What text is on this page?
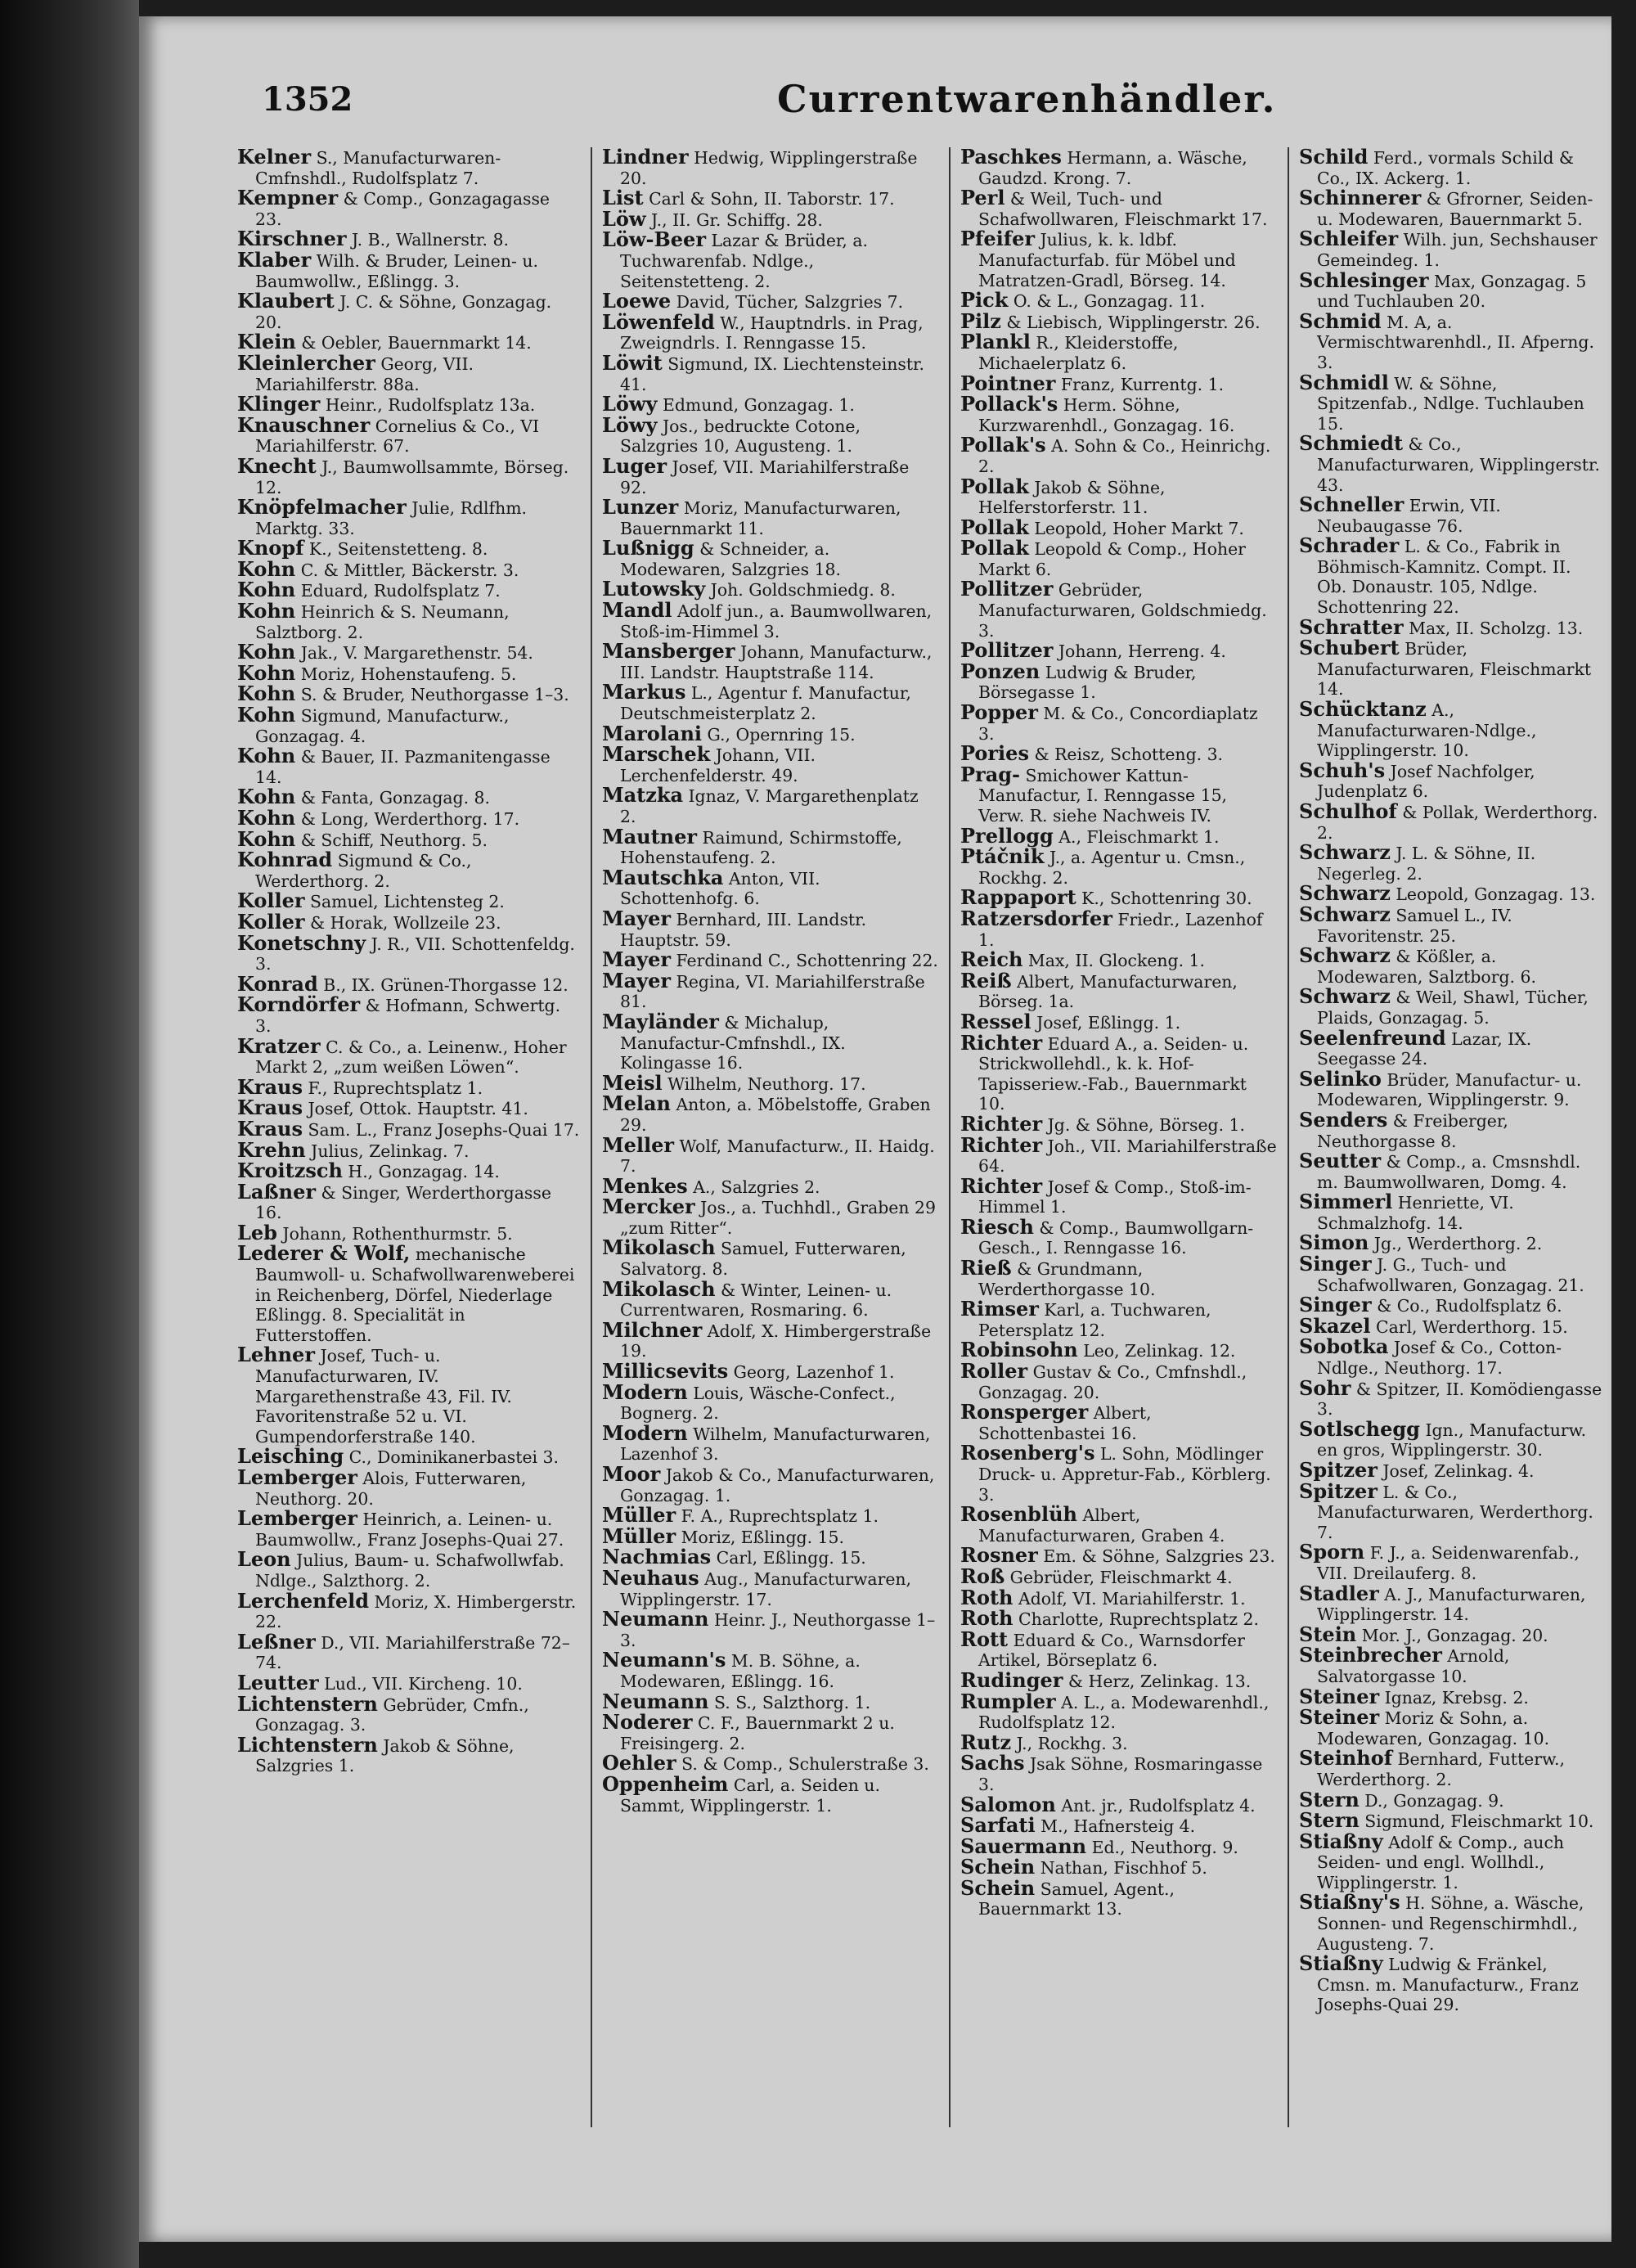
1352	Currentwarenhändler.

Kelner S., Manufacturwaren-Cmfnshdl., Rudolfsplatz 7.

Kempner & Comp., Gonzagagasse 23.

Kirschner J. B., Wallnerstr. 8.

Klaber Wilh. & Bruder, Leinen- u. Baumwollw., Eßlingg. 3.

Klaubert J. C. & Söhne, Gonzagag. 20.

Klein & Oebler, Bauernmarkt 14.

Kleinlercher Georg, VII. Mariahilferstr. 88a.

Klinger Heinr., Rudolfsplatz 13a.

Knauschner Cornelius & Co., VI Mariahilferstr. 67.

Knecht J., Baumwollsammte, Börseg. 12.

Knöpfelmacher Julie, Rdlfhm. Marktg. 33.

Knopf K., Seitenstetteng. 8.

Kohn C. & Mittler, Bäckerstr. 3.

Kohn Eduard, Rudolfsplatz 7.

Kohn Heinrich & S. Neumann, Salztborg. 2.

Kohn Jak., V. Margarethenstr. 54.

Kohn Moriz, Hohenstaufeng. 5.

Kohn S. & Bruder, Neuthorgasse 1–3.

Kohn Sigmund, Manufacturw., Gonzagag. 4.

Kohn & Bauer, II. Pazmanitengasse 14.

Kohn & Fanta, Gonzagag. 8.

Kohn & Long, Werderthorg. 17.

Kohn & Schiff, Neuthorg. 5.

Kohnrad Sigmund & Co., Werderthorg. 2.

Koller Samuel, Lichtensteg 2.

Koller & Horak, Wollzeile 23.

Konetschny J. R., VII. Schottenfeldg. 3.

Konrad B., IX. Grünen-Thorgasse 12.

Korndörfer & Hofmann, Schwertg. 3.

Kratzer C. & Co., a. Leinenw., Hoher Markt 2, „zum weißen Löwen“.

Kraus F., Ruprechtsplatz 1.

Kraus Josef, Ottok. Hauptstr. 41.

Kraus Sam. L., Franz Josephs-Quai 17.

Krehn Julius, Zelinkag. 7.

Kroitzsch H., Gonzagag. 14.

Laßner & Singer, Werderthorgasse 16.

Leb Johann, Rothenthurmstr. 5.

Lederer & Wolf, mechanische Baumwoll- u. Schafwollwarenweberei in Reichenberg, Dörfel, Niederlage Eßlingg. 8. Specialität in Futterstoffen.

Lehner Josef, Tuch- u. Manufacturwaren, IV. Margarethenstraße 43, Fil. IV. Favoritenstraße 52 u. VI. Gumpendorferstraße 140.

Leisching C., Dominikanerbastei 3.

Lemberger Alois, Futterwaren, Neuthorg. 20.

Lemberger Heinrich, a. Leinen- u. Baumwollw., Franz Josephs-Quai 27.

Leon Julius, Baum- u. Schafwollwfab. Ndlge., Salzthorg. 2.

Lerchenfeld Moriz, X. Himbergerstr. 22.

Leßner D., VII. Mariahilferstraße 72–74.

Leutter Lud., VII. Kircheng. 10.

Lichtenstern Gebrüder, Cmfn., Gonzagag. 3.

Lichtenstern Jakob & Söhne, Salzgries 1.

Lindner Hedwig, Wipplingerstraße 20.

List Carl & Sohn, II. Taborstr. 17.

Löw J., II. Gr. Schiffg. 28.

Löw-Beer Lazar & Brüder, a. Tuchwarenfab. Ndlge., Seitenstetteng. 2.

Loewe David, Tücher, Salzgries 7.

Löwenfeld W., Hauptndrls. in Prag, Zweigndrls. I. Renngasse 15.

Löwit Sigmund, IX. Liechtensteinstr. 41.

Löwy Edmund, Gonzagag. 1.

Löwy Jos., bedruckte Cotone, Salzgries 10, Augusteng. 1.

Luger Josef, VII. Mariahilferstraße 92.

Lunzer Moriz, Manufacturwaren, Bauernmarkt 11.

Lußnigg & Schneider, a. Modewaren, Salzgries 18.

Lutowsky Joh. Goldschmiedg. 8.

Mandl Adolf jun., a. Baumwollwaren, Stoß-im-Himmel 3.

Mansberger Johann, Manufacturw., III. Landstr. Hauptstraße 114.

Markus L., Agentur f. Manufactur, Deutschmeisterplatz 2.

Marolani G., Opernring 15.

Marschek Johann, VII. Lerchenfelderstr. 49.

Matzka Ignaz, V. Margarethenplatz 2.

Mautner Raimund, Schirmstoffe, Hohenstaufeng. 2.

Mautschka Anton, VII. Schottenhofg. 6.

Mayer Bernhard, III. Landstr. Hauptstr. 59.

Mayer Ferdinand C., Schottenring 22.

Mayer Regina, VI. Mariahilferstraße 81.

Mayländer & Michalup, Manufactur-Cmfnshdl., IX. Kolingasse 16.

Meisl Wilhelm, Neuthorg. 17.

Melan Anton, a. Möbelstoffe, Graben 29.

Meller Wolf, Manufacturw., II. Haidg. 7.

Menkes A., Salzgries 2.

Mercker Jos., a. Tuchhdl., Graben 29 „zum Ritter“.

Mikolasch Samuel, Futterwaren, Salvatorg. 8.

Mikolasch & Winter, Leinen- u. Currentwaren, Rosmaring. 6.

Milchner Adolf, X. Himbergerstraße 19.

Millicsevits Georg, Lazenhof 1.

Modern Louis, Wäsche-Confect., Bognerg. 2.

Modern Wilhelm, Manufacturwaren, Lazenhof 3.

Moor Jakob & Co., Manufacturwaren, Gonzagag. 1.

Müller F. A., Ruprechtsplatz 1.

Müller Moriz, Eßlingg. 15.

Nachmias Carl, Eßlingg. 15.

Neuhaus Aug., Manufacturwaren, Wipplingerstr. 17.

Neumann Heinr. J., Neuthorgasse 1–3.

Neumann's M. B. Söhne, a. Modewaren, Eßlingg. 16.

Neumann S. S., Salzthorg. 1.

Noderer C. F., Bauernmarkt 2 u. Freisingerg. 2.

Oehler S. & Comp., Schulerstraße 3.

Oppenheim Carl, a. Seiden u. Sammt, Wipplingerstr. 1.

Paschkes Hermann, a. Wäsche, Gaudzd. Krong. 7.

Perl & Weil, Tuch- und Schafwollwaren, Fleischmarkt 17.

Pfeifer Julius, k. k. ldbf. Manufacturfab. für Möbel und Matratzen-Gradl, Börseg. 14.

Pick O. & L., Gonzagag. 11.

Pilz & Liebisch, Wipplingerstr. 26.

Plankl R., Kleiderstoffe, Michaelerplatz 6.

Pointner Franz, Kurrentg. 1.

Pollack's Herm. Söhne, Kurzwarenhdl., Gonzagag. 16.

Pollak's A. Sohn & Co., Heinrichg. 2.

Pollak Jakob & Söhne, Helferstorferstr. 11.

Pollak Leopold, Hoher Markt 7.

Pollak Leopold & Comp., Hoher Markt 6.

Pollitzer Gebrüder, Manufacturwaren, Goldschmiedg. 3.

Pollitzer Johann, Herreng. 4.

Ponzen Ludwig & Bruder, Börsegasse 1.

Popper M. & Co., Concordiaplatz 3.

Pories & Reisz, Schotteng. 3.

Prag- Smichower Kattun-Manufactur, I. Renngasse 15, Verw. R. siehe Nachweis IV.

Prellogg A., Fleischmarkt 1.

Ptáčnik J., a. Agentur u. Cmsn., Rockhg. 2.

Rappaport K., Schottenring 30.

Ratzersdorfer Friedr., Lazenhof 1.

Reich Max, II. Glockeng. 1.

Reiß Albert, Manufacturwaren, Börseg. 1a.

Ressel Josef, Eßlingg. 1.

Richter Eduard A., a. Seiden- u. Strickwollehdl., k. k. Hof-Tapisseriew.-Fab., Bauernmarkt 10.

Richter Jg. & Söhne, Börseg. 1.

Richter Joh., VII. Mariahilferstraße 64.

Richter Josef & Comp., Stoß-im-Himmel 1.

Riesch & Comp., Baumwollgarn-Gesch., I. Renngasse 16.

Rieß & Grundmann, Werderthorgasse 10.

Rimser Karl, a. Tuchwaren, Petersplatz 12.

Robinsohn Leo, Zelinkag. 12.

Roller Gustav & Co., Cmfnshdl., Gonzagag. 20.

Ronsperger Albert, Schottenbastei 16.

Rosenberg's L. Sohn, Mödlinger Druck- u. Appretur-Fab., Körblerg. 3.

Rosenblüh Albert, Manufacturwaren, Graben 4.

Rosner Em. & Söhne, Salzgries 23.

Roß Gebrüder, Fleischmarkt 4.

Roth Adolf, VI. Mariahilferstr. 1.

Roth Charlotte, Ruprechtsplatz 2.

Rott Eduard & Co., Warnsdorfer Artikel, Börseplatz 6.

Rudinger & Herz, Zelinkag. 13.

Rumpler A. L., a. Modewarenhdl., Rudolfsplatz 12.

Rutz J., Rockhg. 3.

Sachs Jsak Söhne, Rosmaringasse 3.

Salomon Ant. jr., Rudolfsplatz 4.

Sarfati M., Hafnersteig 4.

Sauermann Ed., Neuthorg. 9.

Schein Nathan, Fischhof 5.

Schein Samuel, Agent., Bauernmarkt 13.

Schild Ferd., vormals Schild & Co., IX. Ackerg. 1.

Schinnerer & Gfrorner, Seiden- u. Modewaren, Bauernmarkt 5.

Schleifer Wilh. jun, Sechshauser Gemeindeg. 1.

Schlesinger Max, Gonzagag. 5 und Tuchlauben 20.

Schmid M. A, a. Vermischtwarenhdl., II. Afperng. 3.

Schmidl W. & Söhne, Spitzenfab., Ndlge. Tuchlauben 15.

Schmiedt & Co., Manufacturwaren, Wipplingerstr. 43.

Schneller Erwin, VII. Neubaugasse 76.

Schrader L. & Co., Fabrik in Böhmisch-Kamnitz. Compt. II. Ob. Donaustr. 105, Ndlge. Schottenring 22.

Schratter Max, II. Scholzg. 13.

Schubert Brüder, Manufacturwaren, Fleischmarkt 14.

Schücktanz A., Manufacturwaren-Ndlge., Wipplingerstr. 10.

Schuh's Josef Nachfolger, Judenplatz 6.

Schulhof & Pollak, Werderthorg. 2.

Schwarz J. L. & Söhne, II. Negerleg. 2.

Schwarz Leopold, Gonzagag. 13.

Schwarz Samuel L., IV. Favoritenstr. 25.

Schwarz & Kößler, a. Modewaren, Salztborg. 6.

Schwarz & Weil, Shawl, Tücher, Plaids, Gonzagag. 5.

Seelenfreund Lazar, IX. Seegasse 24.

Selinko Brüder, Manufactur- u. Modewaren, Wipplingerstr. 9.

Senders & Freiberger, Neuthorgasse 8.

Seutter & Comp., a. Cmsnshdl. m. Baumwollwaren, Domg. 4.

Simmerl Henriette, VI. Schmalzhofg. 14.

Simon Jg., Werderthorg. 2.

Singer J. G., Tuch- und Schafwollwaren, Gonzagag. 21.

Singer & Co., Rudolfsplatz 6.

Skazel Carl, Werderthorg. 15.

Sobotka Josef & Co., Cotton-Ndlge., Neuthorg. 17.

Sohr & Spitzer, II. Komödiengasse 3.

Sotlschegg Ign., Manufacturw. en gros, Wipplingerstr. 30.

Spitzer Josef, Zelinkag. 4.

Spitzer L. & Co., Manufacturwaren, Werderthorg. 7.

Sporn F. J., a. Seidenwarenfab., VII. Dreilauferg. 8.

Stadler A. J., Manufacturwaren, Wipplingerstr. 14.

Stein Mor. J., Gonzagag. 20.

Steinbrecher Arnold, Salvatorgasse 10.

Steiner Ignaz, Krebsg. 2.

Steiner Moriz & Sohn, a. Modewaren, Gonzagag. 10.

Steinhof Bernhard, Futterw., Werderthorg. 2.

Stern D., Gonzagag. 9.

Stern Sigmund, Fleischmarkt 10.

Stiaßny Adolf & Comp., auch Seiden- und engl. Wollhdl., Wipplingerstr. 1.

Stiaßny's H. Söhne, a. Wäsche, Sonnen- und Regenschirmhdl., Augusteng. 7.

Stiaßny Ludwig & Fränkel, Cmsn. m. Manufacturw., Franz Josephs-Quai 29.
